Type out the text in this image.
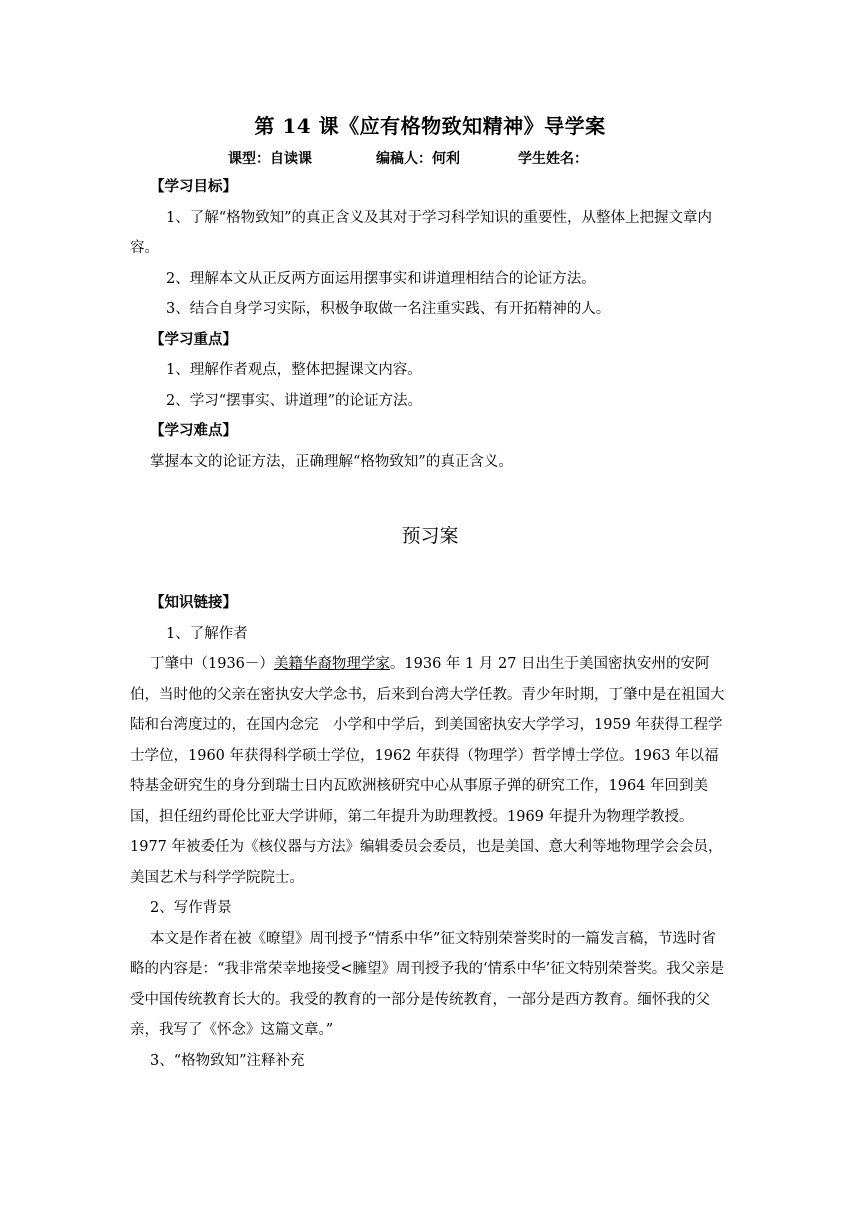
第 14 课《应有格物致知精神》导学案
课型：自读课	编稿人：何利	学生姓名：

【学习目标】

1、了解“格物致知”的真正含义及其对于学习科学知识的重要性，从整体上把握文章内容。

2、理解本文从正反两方面运用摆事实和讲道理相结合的论证方法。

3、结合自身学习实际，积极争取做一名注重实践、有开拓精神的人。

【学习重点】

1、理解作者观点，整体把握课文内容。

2、学习“摆事实、讲道理”的论证方法。

【学习难点】

掌握本文的论证方法，正确理解“格物致知”的真正含义。

预习案

【知识链接】

1、了解作者

丁肇中（1936－）美籍华裔物理学家。1936 年 1 月 27 日出生于美国密执安州的安阿伯，当时他的父亲在密执安大学念书，后来到台湾大学任教。青少年时期，丁肇中是在祖国大陆和台湾度过的，在国内念完　小学和中学后，到美国密执安大学学习，1959 年获得工程学士学位，1960 年获得科学硕士学位，1962 年获得（物理学）哲学博士学位。1963 年以福特基金研究生的身分到瑞士日内瓦欧洲核研究中心从事原子弹的研究工作，1964 年回到美国，担任纽约哥伦比亚大学讲师，第二年提升为助理教授。1969 年提升为物理学教授。1977 年被委任为《核仪器与方法》编辑委员会委员，也是美国、意大利等地物理学会会员，美国艺术与科学学院院士。

2、写作背景

本文是作者在被《暸望》周刊授予“情系中华”征文特别荣誉奖时的一篇发言稿，节选时省略的内容是：“我非常荣幸地接受<臃望》周刊授予我的‘情系中华’征文特别荣誉奖。我父亲是受中国传统教育长大的。我受的教育的一部分是传统教育，一部分是西方教育。缅怀我的父亲，我写了《怀念》这篇文章。”

3、“格物致知”注释补充
